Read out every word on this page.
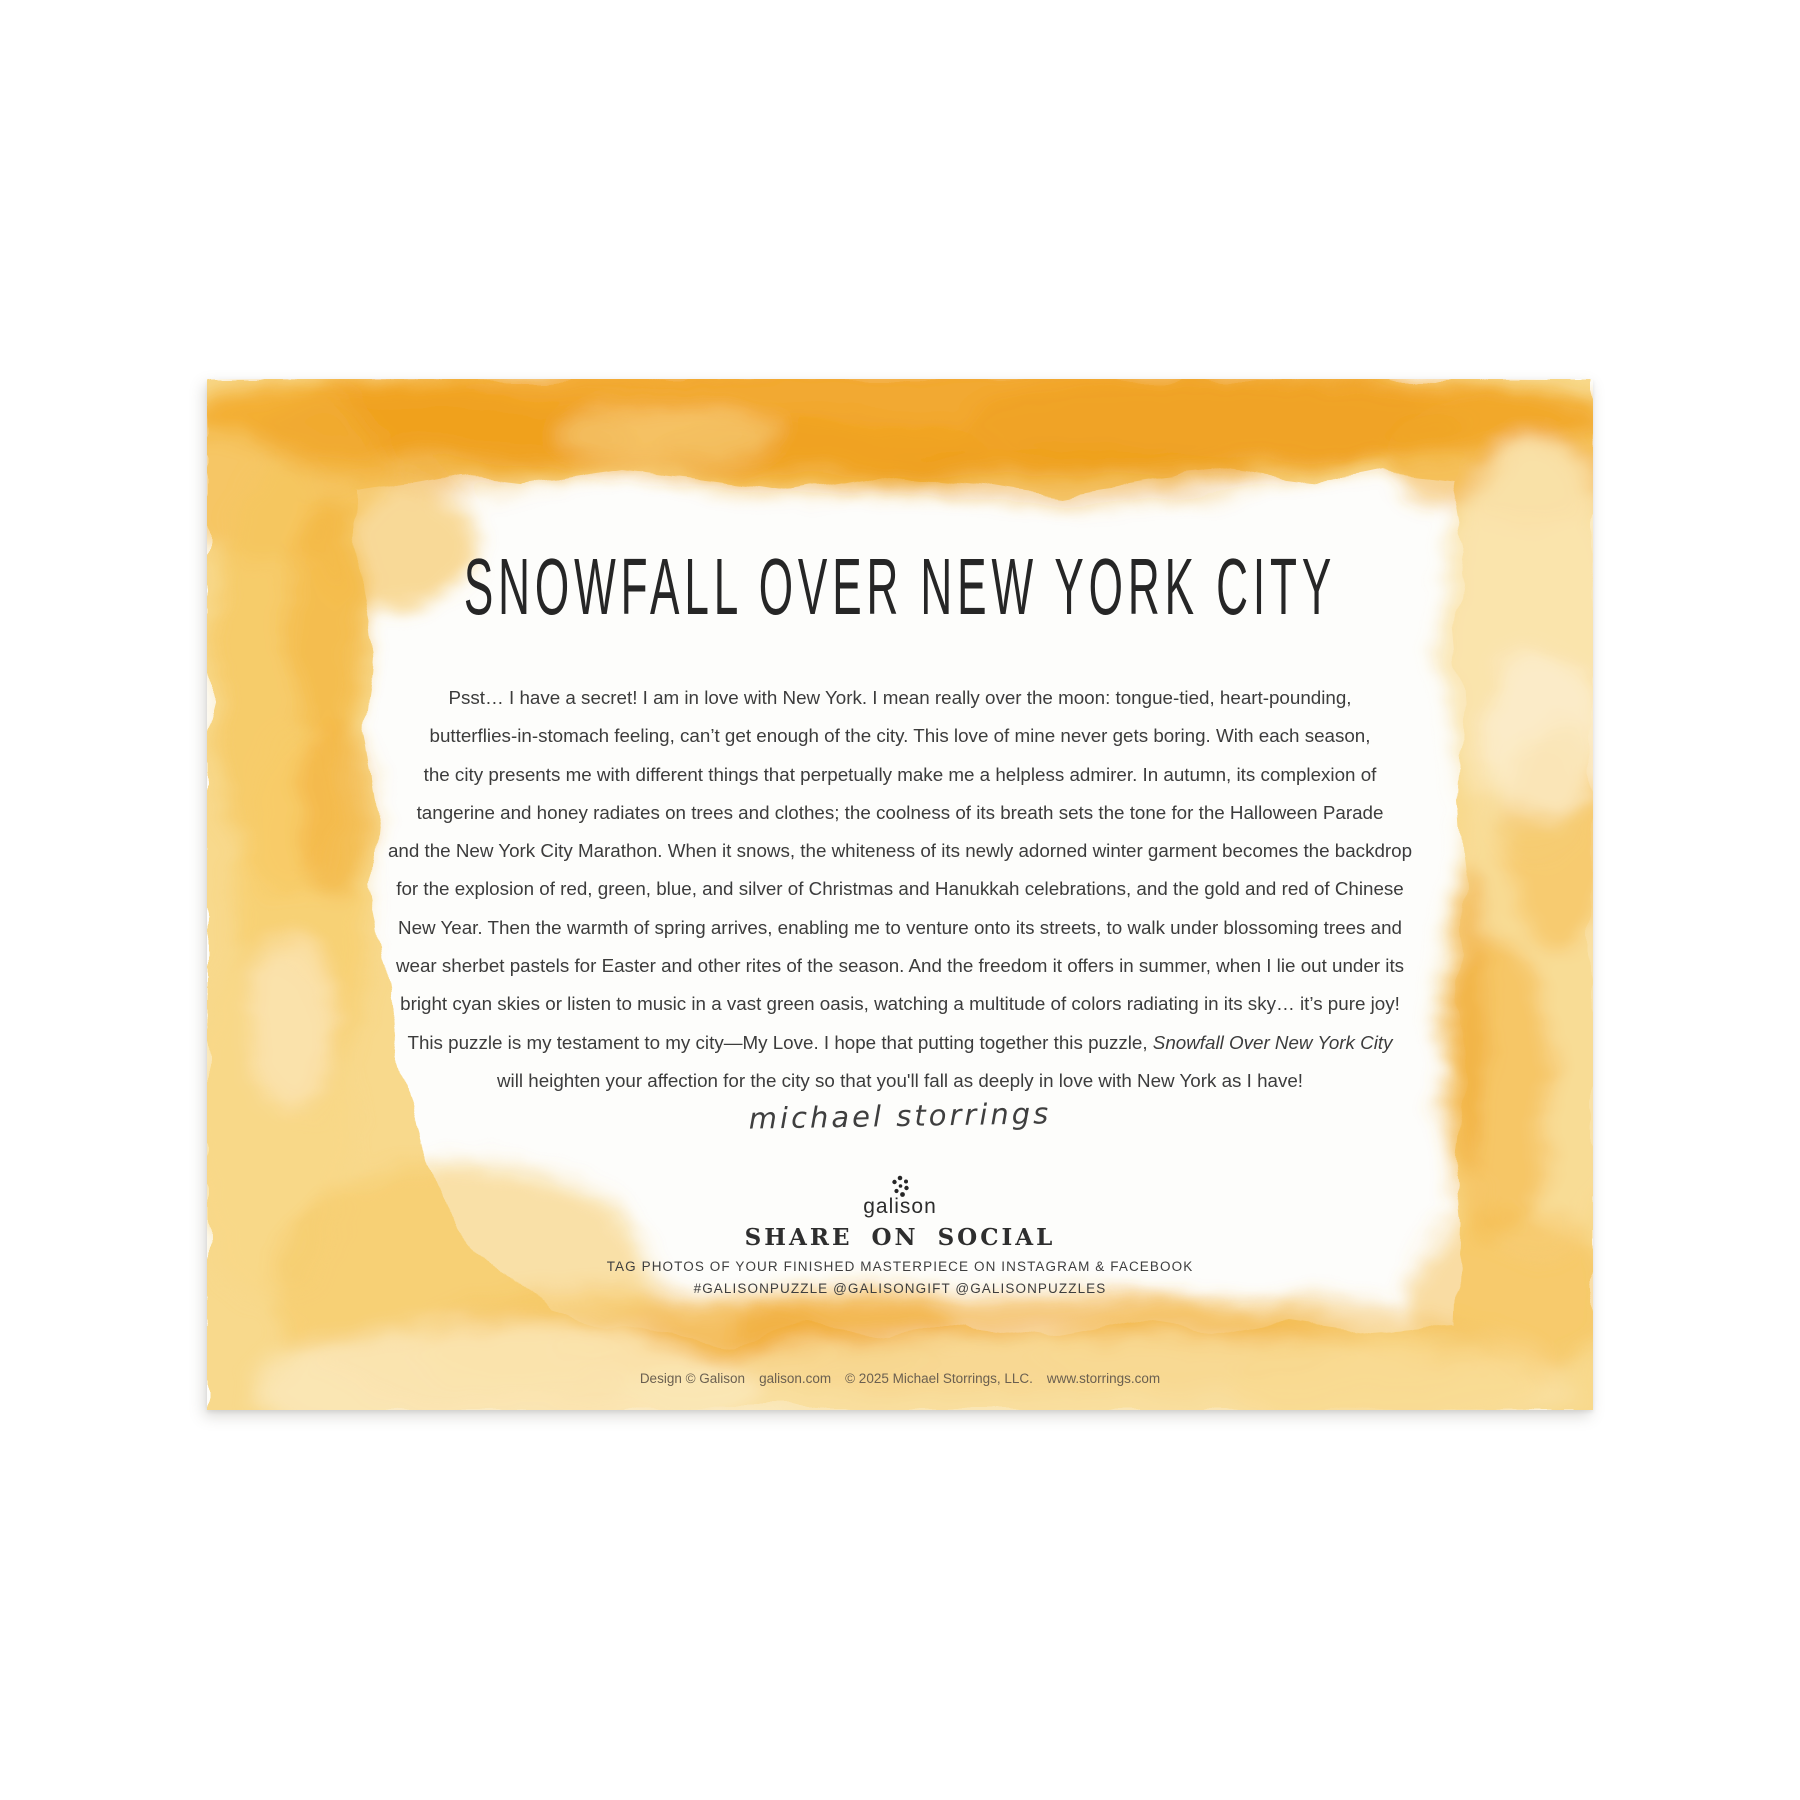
SNOWFALL OVER NEW YORK CITY
Psst… I have a secret! I am in love with New York. I mean really over the moon: tongue-tied, heart-pounding,
butterflies-in-stomach feeling, can’t get enough of the city. This love of mine never gets boring. With each season,
the city presents me with different things that perpetually make me a helpless admirer. In autumn, its complexion of
tangerine and honey radiates on trees and clothes; the coolness of its breath sets the tone for the Halloween Parade
and the New York City Marathon. When it snows, the whiteness of its newly adorned winter garment becomes the backdrop
for the explosion of red, green, blue, and silver of Christmas and Hanukkah celebrations, and the gold and red of Chinese
New Year. Then the warmth of spring arrives, enabling me to venture onto its streets, to walk under blossoming trees and
wear sherbet pastels for Easter and other rites of the season. And the freedom it offers in summer, when I lie out under its
bright cyan skies or listen to music in a vast green oasis, watching a multitude of colors radiating in its sky… it’s pure joy!
This puzzle is my testament to my city—My Love. I hope that putting together this puzzle, Snowfall Over New York City
will heighten your affection for the city so that you'll fall as deeply in love with New York as I have!
michael storrings
galison
SHARE ON SOCIAL
TAG PHOTOS OF YOUR FINISHED MASTERPIECE ON INSTAGRAM & FACEBOOK
#GALISONPUZZLE @GALISONGIFT @GALISONPUZZLES
Design © Galison galison.com © 2025 Michael Storrings, LLC. www.storrings.com
